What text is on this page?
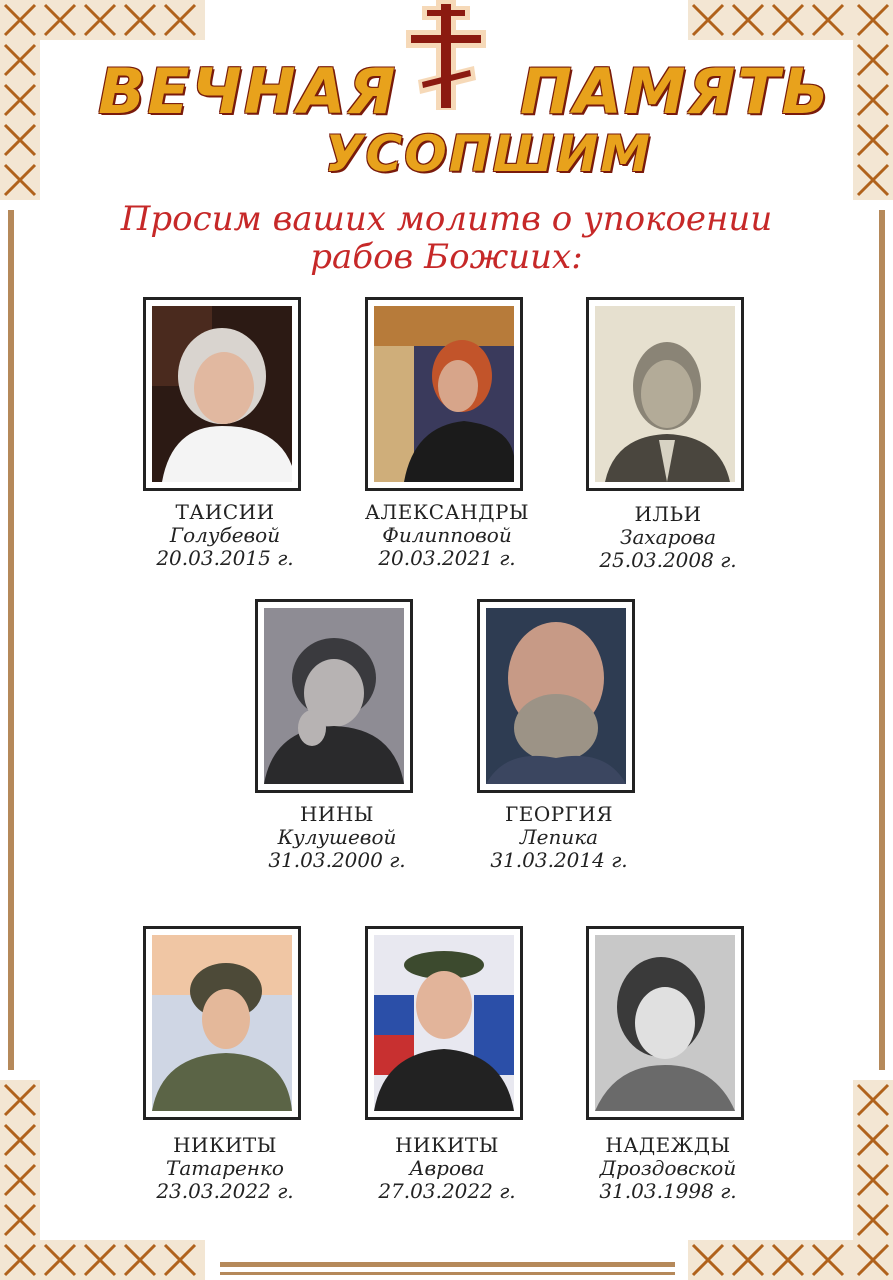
ВЕЧНАЯ ПАМЯТЬ
УСОПШИМ
Просим ваших молитв о упокоении
рабов Божиих:
ТАИСИИ
Голубевой
20.03.2015 г.
АЛЕКСАНДРЫ
Филипповой
20.03.2021 г.
ИЛЬИ
Захарова
25.03.2008 г.
НИНЫ
Кулушевой
31.03.2000 г.
ГЕОРГИЯ
Лепика
31.03.2014 г.
НИКИТЫ
Татаренко
23.03.2022 г.
НИКИТЫ
Аврова
27.03.2022 г.
НАДЕЖДЫ
Дроздовской
31.03.1998 г.
